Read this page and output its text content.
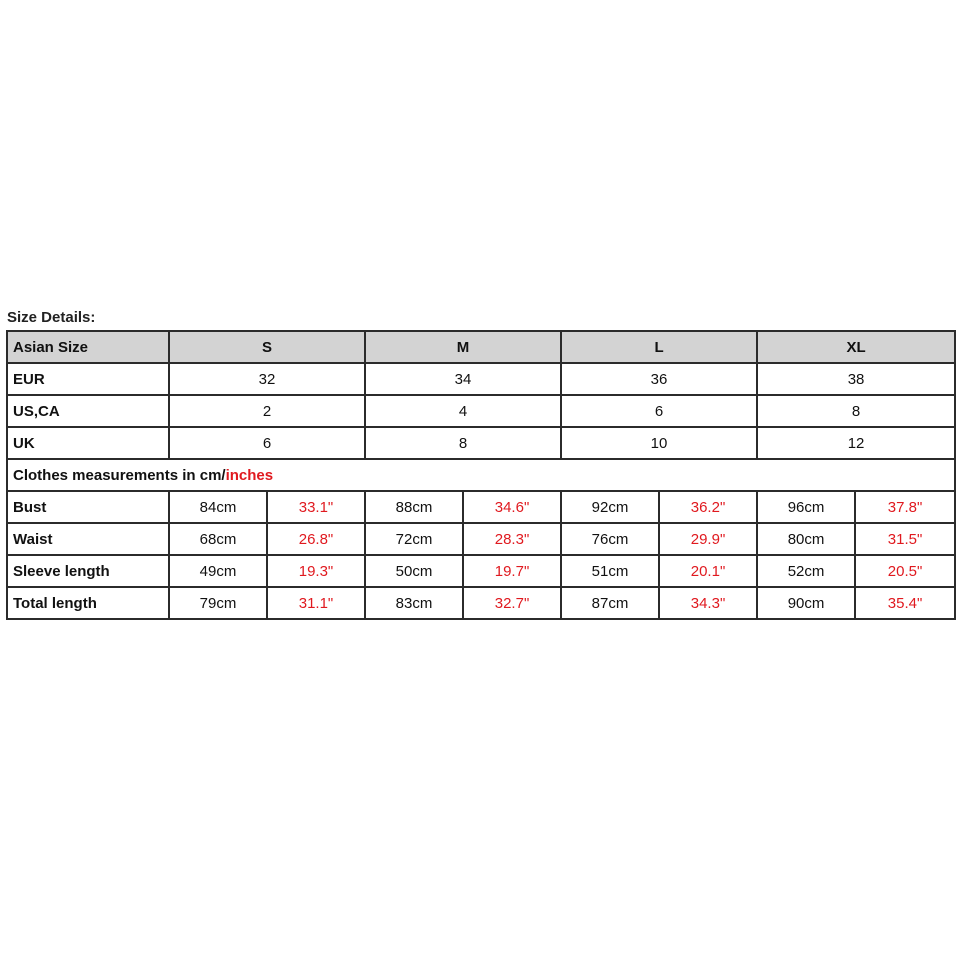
Size Details:
Asian Size	S		M		L		XL	
EUR	32		34		36		38	
US,CA	2		4		6		8	
UK	6		8		10		12	
Clothes measurements in cm/inches								
Bust	84cm	33.1"	88cm	34.6"	92cm	36.2"	96cm	37.8"
Waist	68cm	26.8"	72cm	28.3"	76cm	29.9"	80cm	31.5"
Sleeve length	49cm	19.3"	50cm	19.7"	51cm	20.1"	52cm	20.5"
Total length	79cm	31.1"	83cm	32.7"	87cm	34.3"	90cm	35.4"
